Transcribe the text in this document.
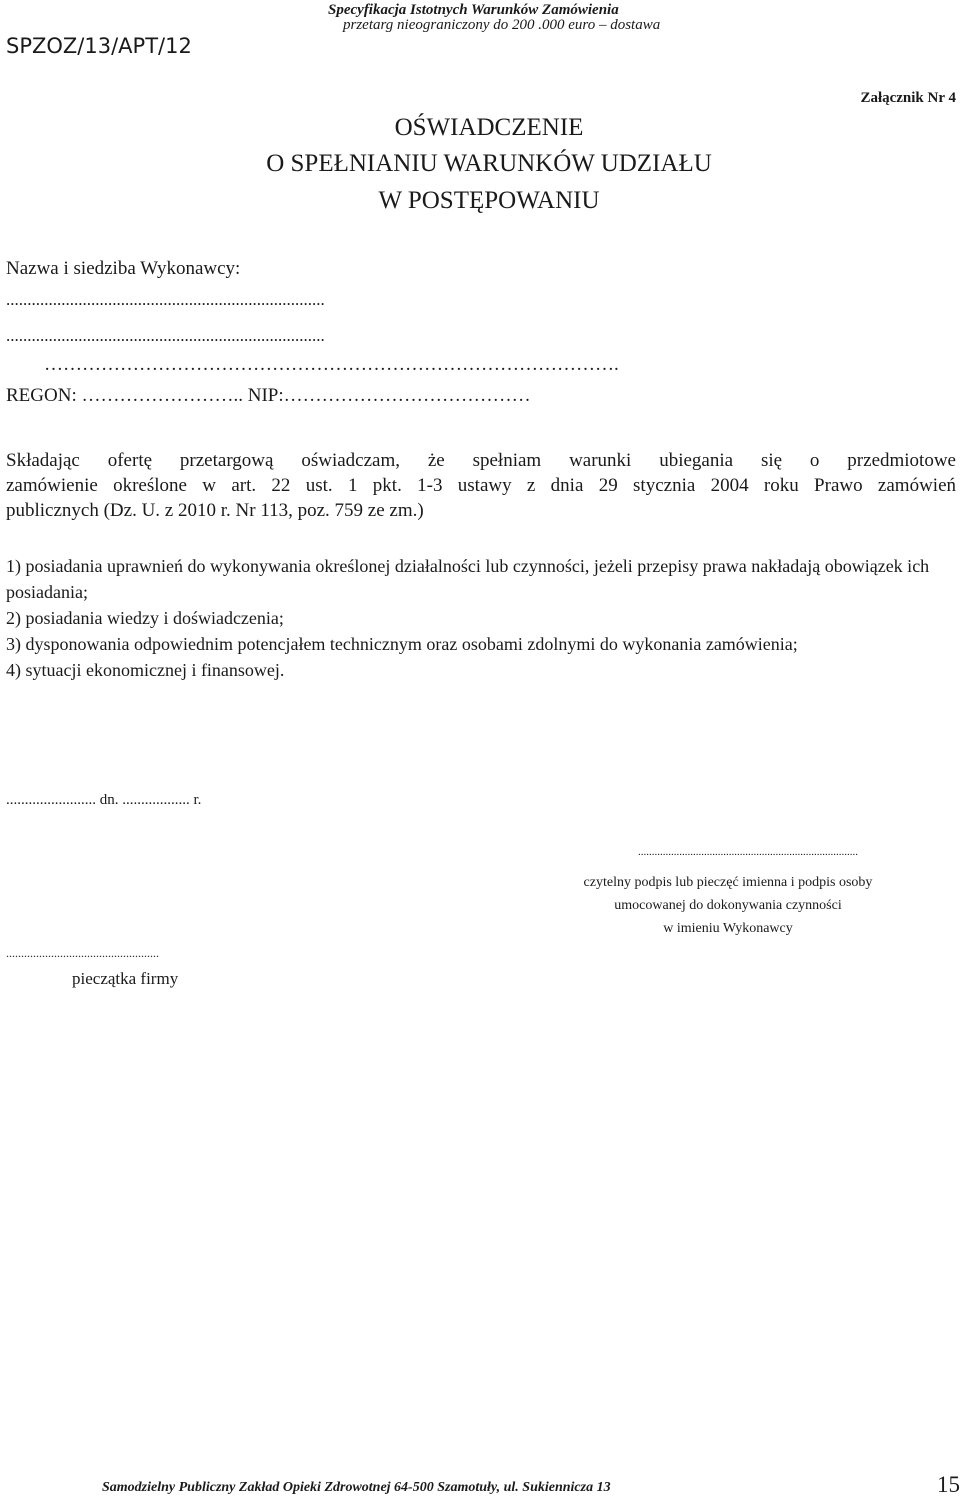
SPZOZ/13/APT/12
Specyfikacja Istotnych Warunków Zamówienia
przetarg nieograniczony do 200 .000 euro – dostawa
Załącznik Nr 4
OŚWIADCZENIE
O SPEŁNIANIU WARUNKÓW UDZIAŁU
W POSTĘPOWANIU
Nazwa i siedziba Wykonawcy:
...........................................................................
...........................................................................
……………………………………………………………………………….
REGON: …………………….. NIP:…………………………………
Składając ofertę przetargową oświadczam, że spełniam warunki ubiegania się o przedmiotowe
zamówienie określone w art. 22 ust. 1 pkt. 1-3 ustawy z dnia 29 stycznia 2004 roku Prawo zamówień
publicznych (Dz. U. z 2010 r. Nr 113, poz. 759 ze zm.)
1) posiadania uprawnień do wykonywania określonej działalności lub czynności, jeżeli przepisy prawa nakładają obowiązek ich posiadania;
2) posiadania wiedzy i doświadczenia;
3) dysponowania odpowiednim potencjałem technicznym oraz osobami zdolnymi do wykonania zamówienia;
4) sytuacji ekonomicznej i finansowej.
........................ dn. .................. r.
................................................................................
czytelny podpis lub pieczęć imienna i podpis osoby
umocowanej do dokonywania czynności
w imieniu Wykonawcy
...................................................
pieczątka firmy
Samodzielny Publiczny Zakład Opieki Zdrowotnej 64-500 Szamotuły, ul. Sukiennicza 13	15
